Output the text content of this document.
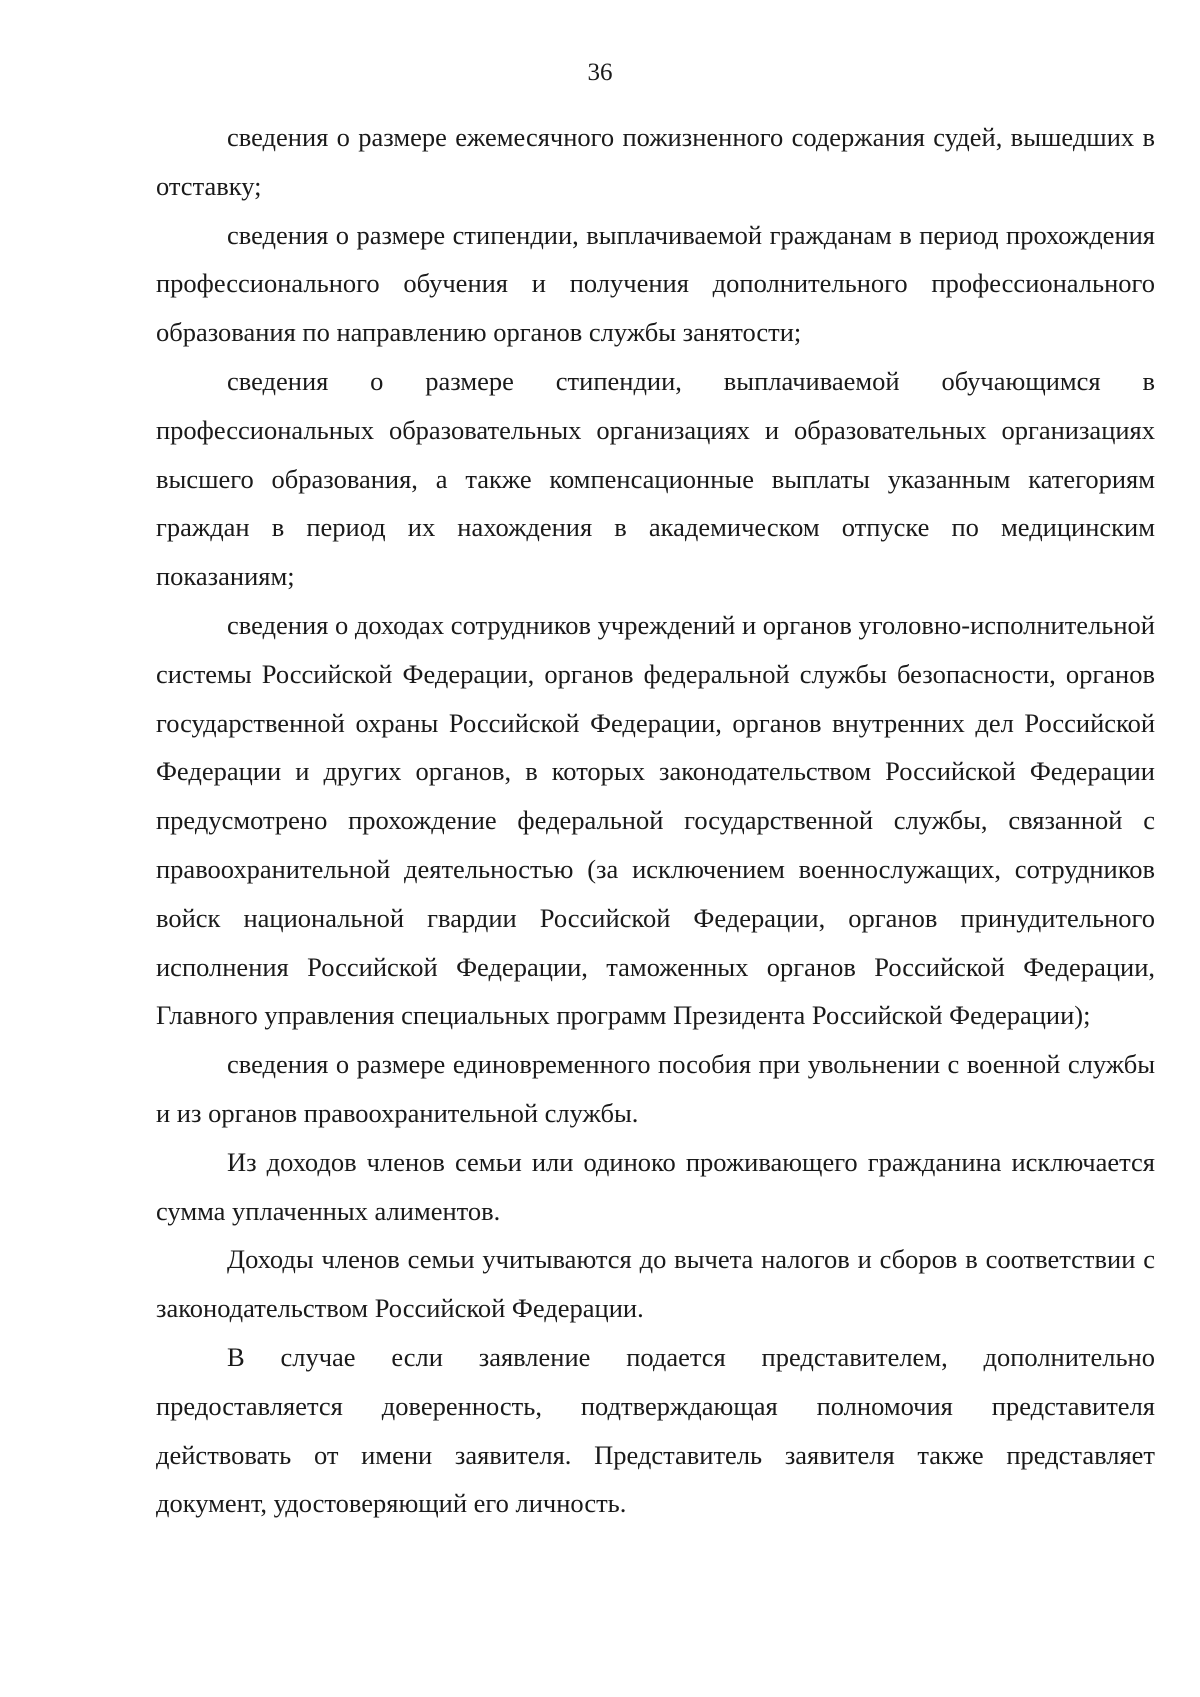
36

сведения о размере ежемесячного пожизненного содержания судей, вышедших в отставку;

сведения о размере стипендии, выплачиваемой гражданам в период прохождения профессионального обучения и получения дополнительного профессионального образования по направлению органов службы занятости;

сведения о размере стипендии, выплачиваемой обучающимся в профессиональных образовательных организациях и образовательных организациях высшего образования, а также компенсационные выплаты указанным категориям граждан в период их нахождения в академическом отпуске по медицинским показаниям;

сведения о доходах сотрудников учреждений и органов уголовно-исполнительной системы Российской Федерации, органов федеральной службы безопасности, органов государственной охраны Российской Федерации, органов внутренних дел Российской Федерации и других органов, в которых законодательством Российской Федерации предусмотрено прохождение федеральной государственной службы, связанной с правоохранительной деятельностью (за исключением военнослужащих, сотрудников войск национальной гвардии Российской Федерации, органов принудительного исполнения Российской Федерации, таможенных органов Российской Федерации, Главного управления специальных программ Президента Российской Федерации);

сведения о размере единовременного пособия при увольнении с военной службы и из органов правоохранительной службы.

Из доходов членов семьи или одиноко проживающего гражданина исключается сумма уплаченных алиментов.

Доходы членов семьи учитываются до вычета налогов и сборов в соответствии с законодательством Российской Федерации.

В случае если заявление подается представителем, дополнительно предоставляется доверенность, подтверждающая полномочия представителя действовать от имени заявителя. Представитель заявителя также представляет документ, удостоверяющий его личность.
